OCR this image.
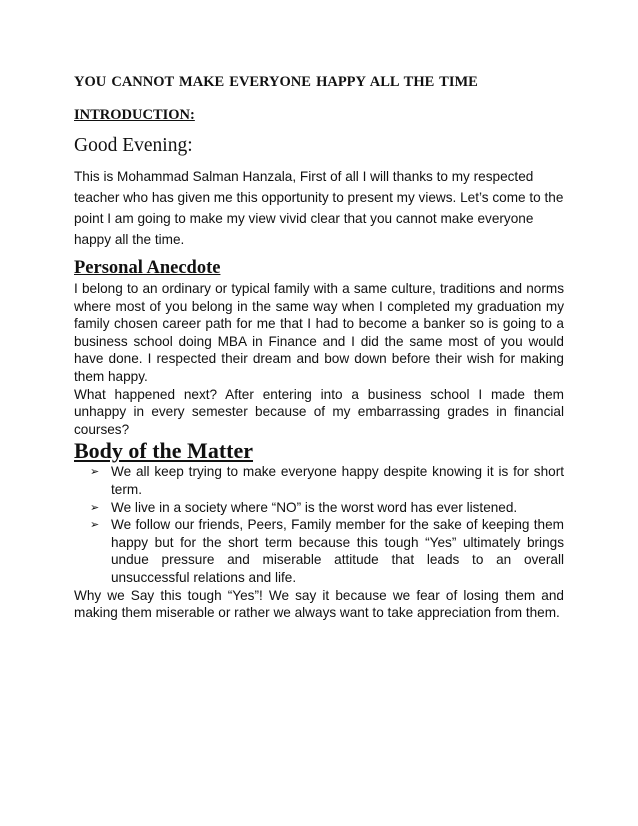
YOU CANNOT MAKE EVERYONE HAPPY ALL THE TIME
INTRODUCTION:
Good Evening:

This is Mohammad Salman Hanzala, First of all I will thanks to my respected teacher who has given me this opportunity to present my views. Let’s come to the point I am going to make my view vivid clear that you cannot make everyone happy all the time.

Personal Anecdote

I belong to an ordinary or typical family with a same culture, traditions and norms where most of you belong in the same way when I completed my graduation my family chosen career path for me that I had to become a banker so is going to a business school doing MBA in Finance and I did the same most of you would have done. I respected their dream and bow down before their wish for making them happy.

What happened next? After entering into a business school I made them unhappy in every semester because of my embarrassing grades in financial courses?

Body of the Matter
➢ We all keep trying to make everyone happy despite knowing it is for short term.
➢ We live in a society where “NO” is the worst word has ever listened.
➢ We follow our friends, Peers, Family member for the sake of keeping them happy but for the short term because this tough “Yes” ultimately brings undue pressure and miserable attitude that leads to an overall unsuccessful relations and life.

Why we Say this tough “Yes”! We say it because we fear of losing them and making them miserable or rather we always want to take appreciation from them.
